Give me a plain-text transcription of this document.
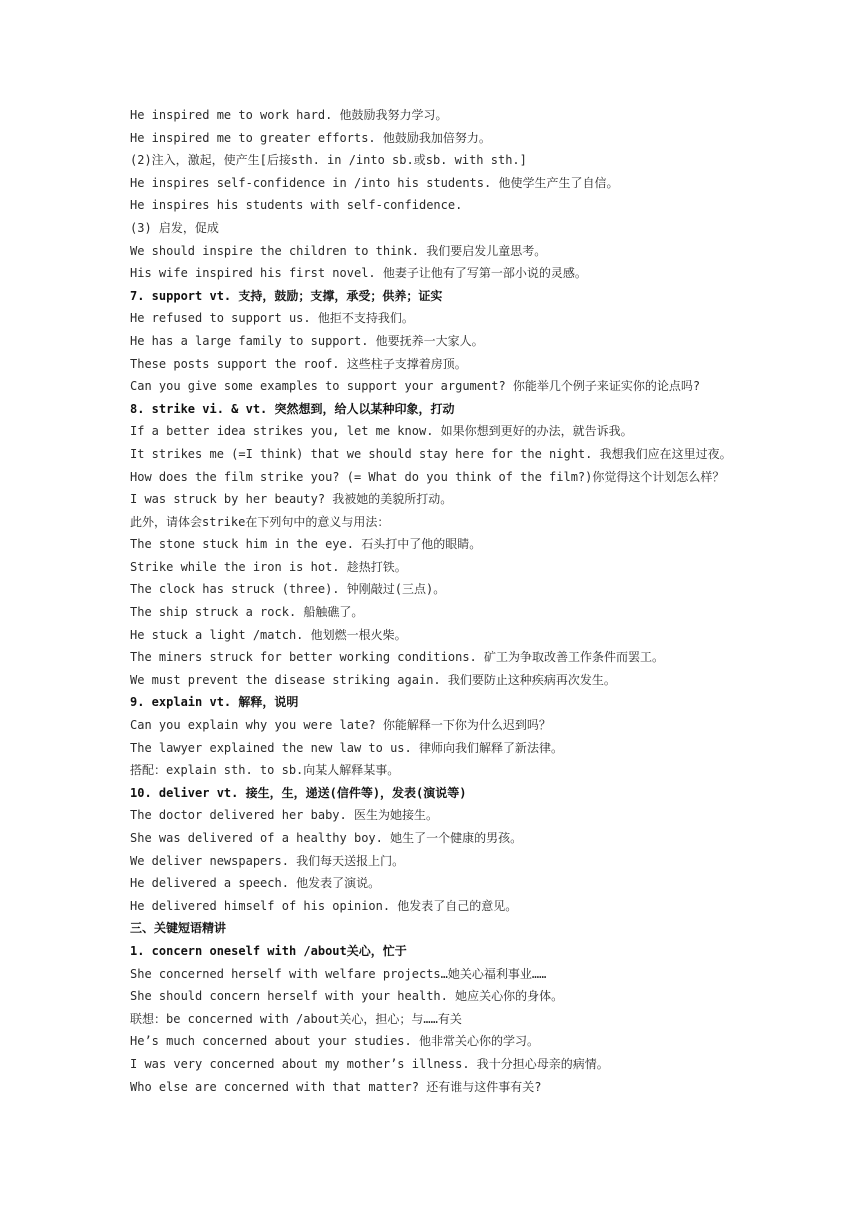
He inspired me to work hard. 他鼓励我努力学习。
He inspired me to greater efforts. 他鼓励我加倍努力。
(2)注入，激起，使产生[后接sth. in /into sb.或sb. with sth.]
He inspires self-confidence in /into his students. 他使学生产生了自信。
He inspires his students with self-confidence.
(3) 启发，促成
We should inspire the children to think. 我们要启发儿童思考。
His wife inspired his first novel. 他妻子让他有了写第一部小说的灵感。
7. support vt. 支持，鼓励；支撑，承受；供养；证实
He refused to support us. 他拒不支持我们。
He has a large family to support. 他要抚养一大家人。
These posts support the roof. 这些柱子支撑着房顶。
Can you give some examples to support your argument? 你能举几个例子来证实你的论点吗?
8. strike vi. & vt. 突然想到，给人以某种印象，打动
If a better idea strikes you, let me know. 如果你想到更好的办法，就告诉我。
It strikes me (=I think) that we should stay here for the night. 我想我们应在这里过夜。
How does the film strike you? (= What do you think of the film?)你觉得这个计划怎么样？
I was struck by her beauty? 我被她的美貌所打动。
此外，请体会strike在下列句中的意义与用法：
The stone stuck him in the eye. 石头打中了他的眼睛。
Strike while the iron is hot. 趁热打铁。
The clock has struck (three). 钟刚敲过(三点)。
The ship struck a rock. 船触礁了。
He stuck a light /match. 他划燃一根火柴。
The miners struck for better working conditions. 矿工为争取改善工作条件而罢工。
We must prevent the disease striking again. 我们要防止这种疾病再次发生。
9. explain vt. 解释，说明
Can you explain why you were late? 你能解释一下你为什么迟到吗？
The lawyer explained the new law to us. 律师向我们解释了新法律。
搭配：explain sth. to sb.向某人解释某事。
10. deliver vt. 接生，生，递送(信件等)，发表(演说等)
The doctor delivered her baby. 医生为她接生。
She was delivered of a healthy boy. 她生了一个健康的男孩。
We deliver newspapers. 我们每天送报上门。
He delivered a speech. 他发表了演说。
He delivered himself of his opinion. 他发表了自己的意见。
三、关键短语精讲
1. concern oneself with /about关心，忙于
She concerned herself with welfare projects…她关心福利事业……
She should concern herself with your health. 她应关心你的身体。
联想：be concerned with /about关心，担心；与……有关
He’s much concerned about your studies. 他非常关心你的学习。
I was very concerned about my mother’s illness. 我十分担心母亲的病情。
Who else are concerned with that matter? 还有谁与这件事有关?
